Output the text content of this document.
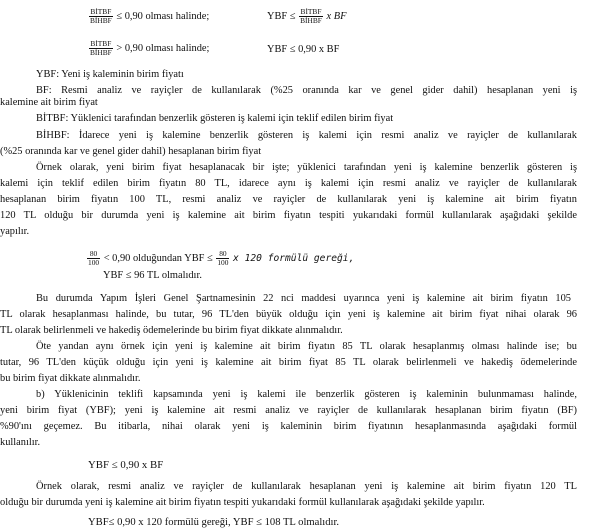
$\frac{\text{BİTBF}}{\text{BİHBF}} \le 0,90$ olması halinde;	YBF ≤ $\frac{\text{BİTBF}}{\text{BİHBF}}$ x BF
$\frac{\text{BİTBF}}{\text{BİHBF}} > 0,90$ olması halinde;	YBF ≤ 0,90 x BF
YBF: Yeni iş kaleminin birim fiyatı
BF: Resmi analiz ve rayiçler de kullanılarak (%25 oranında kar ve genel gider dahil) hesaplanan yeni iş
kalemine ait birim fiyat
BİTBF: Yüklenici tarafından benzerlik gösteren iş kalemi için teklif edilen birim fiyat
BİHBF: İdarece yeni iş kalemine benzerlik gösteren iş kalemi için resmi analiz ve rayiçler de kullanılarak
(%25 oranında kar ve genel gider dahil) hesaplanan birim fiyat
Örnek olarak, yeni birim fiyat hesaplanacak bir işte; yüklenici tarafından yeni iş kalemine benzerlik gösteren iş
kalemi için teklif edilen birim fiyatın 80 TL, idarece aynı iş kalemi için resmi analiz ve rayiçler de kullanılarak
hesaplanan birim fiyatın 100 TL, resmi analiz ve rayiçler de kullanılarak yeni iş kalemine ait birim fiyatın
120 TL olduğu bir durumda yeni iş kalemine ait birim fiyatın tespiti yukarıdaki formül kullanılarak aşağıdaki şekilde
yapılır.
$\frac{80}{100} < 0,90$ olduğundan YBF ≤ $\frac{80}{100}$ x 120 formülü gereği,
YBF ≤ 96 TL olmalıdır.
Bu durumda Yapım İşleri Genel Şartnamesinin 22 nci maddesi uyarınca yeni iş kalemine ait birim fiyatın 105
TL olarak hesaplanması halinde, bu tutar, 96 TL'den büyük olduğu için yeni iş kalemine ait birim fiyat nihai olarak 96
TL olarak belirlenmeli ve hakediş ödemelerinde bu birim fiyat dikkate alınmalıdır.
Öte yandan aynı örnek için yeni iş kalemine ait birim fiyatın 85 TL olarak hesaplanmış olması halinde ise; bu
tutar, 96 TL'den küçük olduğu için yeni iş kalemine ait birim fiyat 85 TL olarak belirlenmeli ve hakediş ödemelerinde
bu birim fiyat dikkate alınmalıdır.
b) Yüklenicinin teklifi kapsamında yeni iş kalemi ile benzerlik gösteren iş kaleminin bulunmaması halinde,
yeni birim fiyat (YBF); yeni iş kalemine ait resmi analiz ve rayiçler de kullanılarak hesaplanan birim fiyatın (BF)
%90'ını geçemez. Bu itibarla, nihai olarak yeni iş kaleminin birim fiyatının hesaplanmasında aşağıdaki formül
kullanılır.
YBF ≤ 0,90 x BF
Örnek olarak, resmi analiz ve rayiçler de kullanılarak hesaplanan yeni iş kalemine ait birim fiyatın 120 TL
olduğu bir durumda yeni iş kalemine ait birim fiyatın tespiti yukarıdaki formül kullanılarak aşağıdaki şekilde yapılır.
YBF≤ 0,90 x 120 formülü gereği, YBF ≤ 108 TL olmalıdır.
